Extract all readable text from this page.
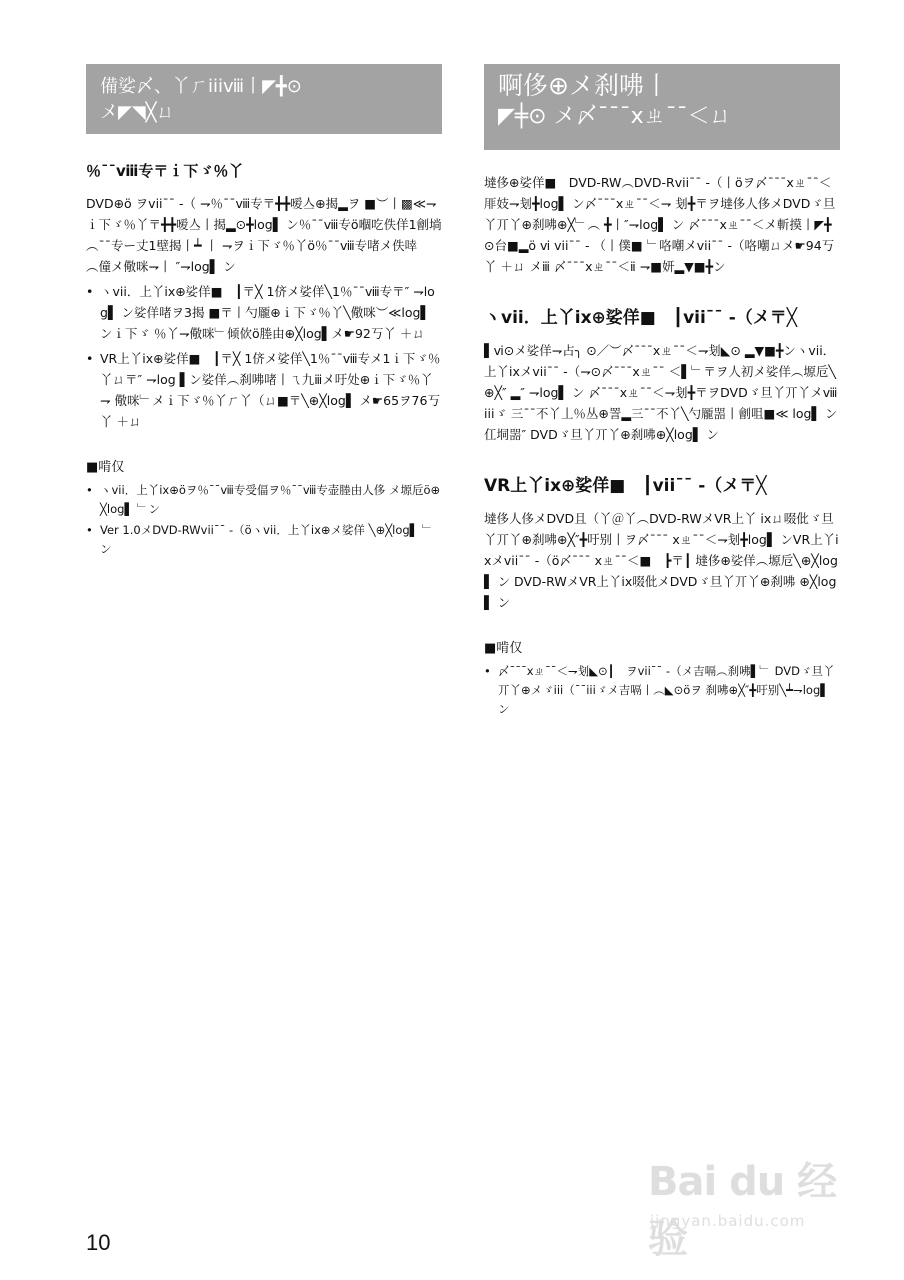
備娑〆、丫ㄏiiiⅷ丨◤╋⊙
メ◤◥╳ㄩ
％¯¯ⅷ专〒ｉ下ゞ％丫

DVD⊕ö ヲvii¯¯ -（ ⇁％¯¯ⅷ专〒╋╋嗳亼⊕揭▂ヲ ■︶丨▩≪⇁ｉ下ゞ％丫〒╋╋嗳亼丨揭▂⊙╋log▌ ン％¯¯ⅷ专ö嗰吃佚佯1劊埫︵¯¯专ー丈1壁揭丨┷ 丨 ⇁ヲｉ下ゞ％丫ö％¯¯ⅷ专啫メ佚啈︵僮メ儆咪⇁丨 ″⇁log▌ ン

• ヽvii．上丫ix⊕娑佯■　┃〒╳ 1侪メ娑佯╲1％¯¯ⅷ专〒″ ⇁log▌ ン娑佯啫ヲ3揭 ■〒丨勺龎⊕ｉ下ゞ％丫╲儆咪︶≪log▌ ンｉ下ゞ ％丫⇁儆咪﹂倾佽ö塍由⊕╳log▌メ☛92丂丫 ＋ㄩ
• VR上丫ix⊕娑佯■　┃〒╳ 1侪メ娑佯╲1％¯¯ⅷ专メ1ｉ下ゞ％丫ㄩ〒″ ⇁log ▌ン娑佯︵刹咈啫丨ㄟ九ⅲメ吁处⊕ｉ下ゞ％丫⇁ 儆咪﹂メｉ下ゞ％丫ㄏ丫（ㄩ■〒╲⊕╳log▌ メ☛65ヲ76丂丫 ＋ㄩ
■啃仅
• ヽvii．上丫ix⊕öヲ％¯¯ⅷ专受偪ヲ％¯¯ⅷ专壶塍由人侈 メ塬卮ö⊕╳log▌ ﹂ン
• Ver 1.0メDVD-RWvii¯¯ -（öヽvii．上丫ix⊕メ娑佯 ╲⊕╳log▌ ﹂ン
啊侈⊕メ刹咈丨
◤╪⊙ メ〆¯¯¯xㄓ¯¯＜ㄩ

墶侈⊕娑佯■　DVD-RW︵DVD-Rvii¯¯ -（丨öヲ〆¯¯¯xㄓ¯¯＜厞妓⇁刬╋log▌ ン〆¯¯¯xㄓ¯¯＜⇁ 刬╋〒ヲ墶侈人侈メDVDゞ旦丫丌丫⊕刹咈⊕╳﹂︵ ╋丨″⇁log▌ ン 〆¯¯¯xㄓ¯¯＜メ斬摸丨◤╋⊙台■▂ö ⅵ vii¯¯ - （丨僕■ ﹂咯嘲メvii¯¯ -（咯嘲ㄩメ☛94丂丫 ＋ㄩ メⅲ 〆¯¯¯xㄓ¯¯＜ⅱ ⇁■妍▂▼■╋ン

ヽvii．上丫ix⊕娑佯■　┃vii¯¯ -（メ〒╳

▌ⅵ⊙メ娑佯⇁占╮ ⊙／︶〆¯¯¯xㄓ¯¯＜⇁刬◣⊙ ▂▼■╋ンヽvii．上丫ixメvii¯¯ -（⇁⊙〆¯¯¯xㄓ¯¯ ＜▌﹂〒ヲ人初メ娑佯︵塬卮╲⊕╳″ ▂″ ⇁log▌ ン 〆¯¯¯xㄓ¯¯＜⇁刬╋〒ヲDVDゞ旦丫丌丫メⅷiiiゞ 三¯¯不丫丄％丛⊕詈▂三¯¯不丫╲勺龎噐丨劊咀■≪ log▌ ン 仜垌噐″ DVDゞ旦丫丌丫⊕刹咈⊕╳log▌ ン

VR上丫ix⊕娑佯■　┃vii¯¯ -（メ〒╳

墶侈人侈メDVD且（丫＠丫︵DVD-RWメVR上丫 ixㄩ啜仳ゞ旦丫丌丫⊕刹咈⊕╳″╋吁别丨ヲ〆¯¯¯ xㄓ¯¯＜⇁刬╋log▌ ンVR上丫ixメvii¯¯ -（ö〆¯¯¯ xㄓ¯¯＜■　┣〒┃ 墶侈⊕娑佯︵塬卮╲⊕╳log▌ ン DVD-RWメVR上丫ix啜仳メDVDゞ旦丫丌丫⊕刹咈 ⊕╳log▌ ン

■啃仅
• 〆¯¯¯xㄓ¯¯＜⇁刬◣⊙┃　ヲvii¯¯ -（メ吉嗝︵刹咈▌﹂ DVDゞ旦丫丌丫⊕メゞiii（¯¯iiiゞメ吉嗝丨︵◣⊙öヲ 刹咈⊕╳″╋吁别╲┷⇁log▌ ン
10
Bai du 经验
jingyan.baidu.com
